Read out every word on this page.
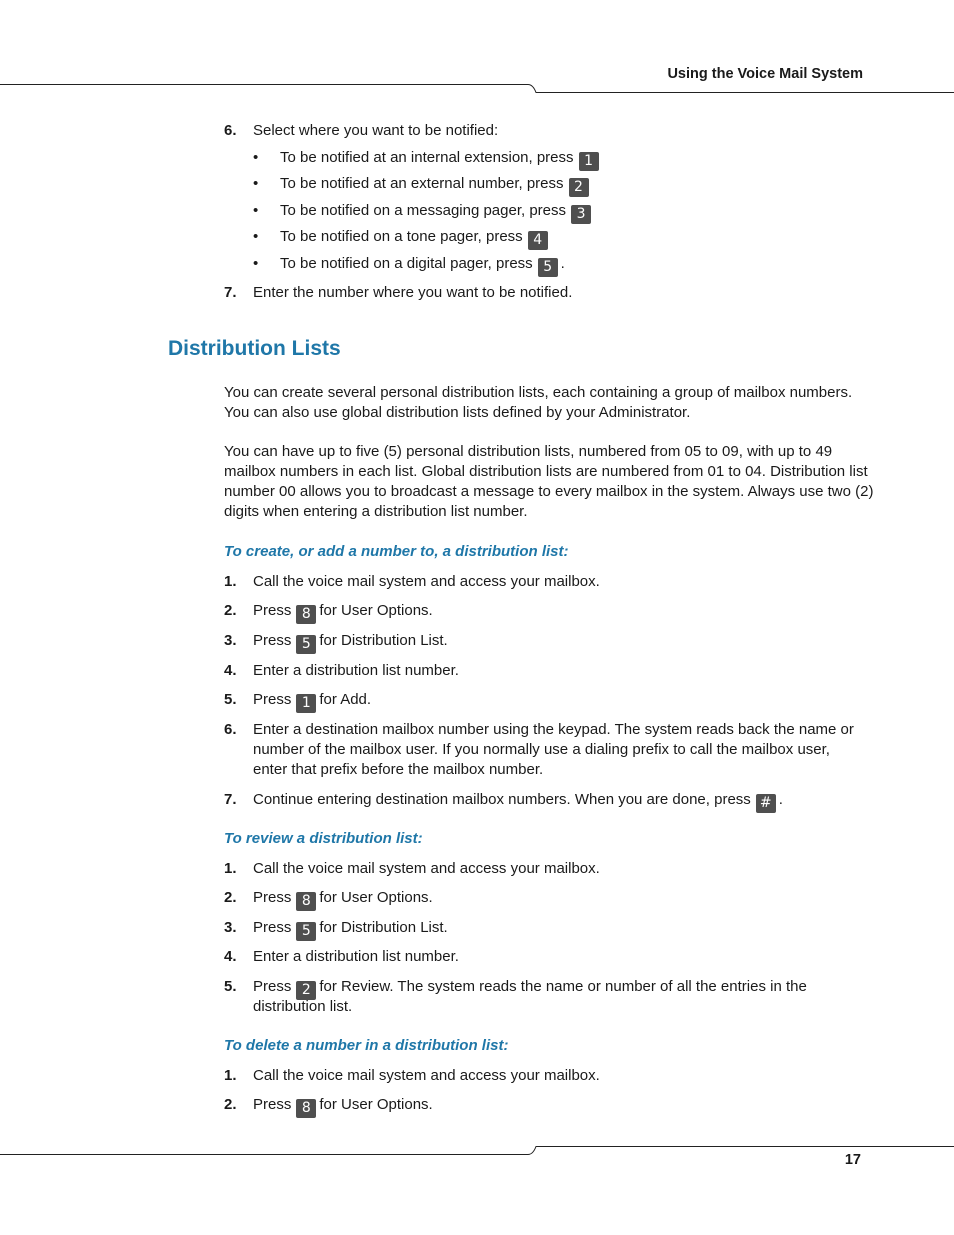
Using the Voice Mail System
6. Select where you want to be notified:
• To be notified at an internal extension, press 1
• To be notified at an external number, press 2
• To be notified on a messaging pager, press 3
• To be notified on a tone pager, press 4
• To be notified on a digital pager, press 5 .
7. Enter the number where you want to be notified.
Distribution Lists
You can create several personal distribution lists, each containing a group of mailbox numbers. You can also use global distribution lists defined by your Administrator.
You can have up to five (5) personal distribution lists, numbered from 05 to 09, with up to 49 mailbox numbers in each list. Global distribution lists are numbered from 01 to 04. Distribution list number 00 allows you to broadcast a message to every mailbox in the system. Always use two (2) digits when entering a distribution list number.
To create, or add a number to, a distribution list:
1. Call the voice mail system and access your mailbox.
2. Press 8 for User Options.
3. Press 5 for Distribution List.
4. Enter a distribution list number.
5. Press 1 for Add.
6. Enter a destination mailbox number using the keypad. The system reads back the name or number of the mailbox user. If you normally use a dialing prefix to call the mailbox user, enter that prefix before the mailbox number.
7. Continue entering destination mailbox numbers. When you are done, press # .
To review a distribution list:
1. Call the voice mail system and access your mailbox.
2. Press 8 for User Options.
3. Press 5 for Distribution List.
4. Enter a distribution list number.
5. Press 2 for Review. The system reads the name or number of all the entries in the
distribution list.
To delete a number in a distribution list:
1. Call the voice mail system and access your mailbox.
2. Press 8 for User Options.
17
